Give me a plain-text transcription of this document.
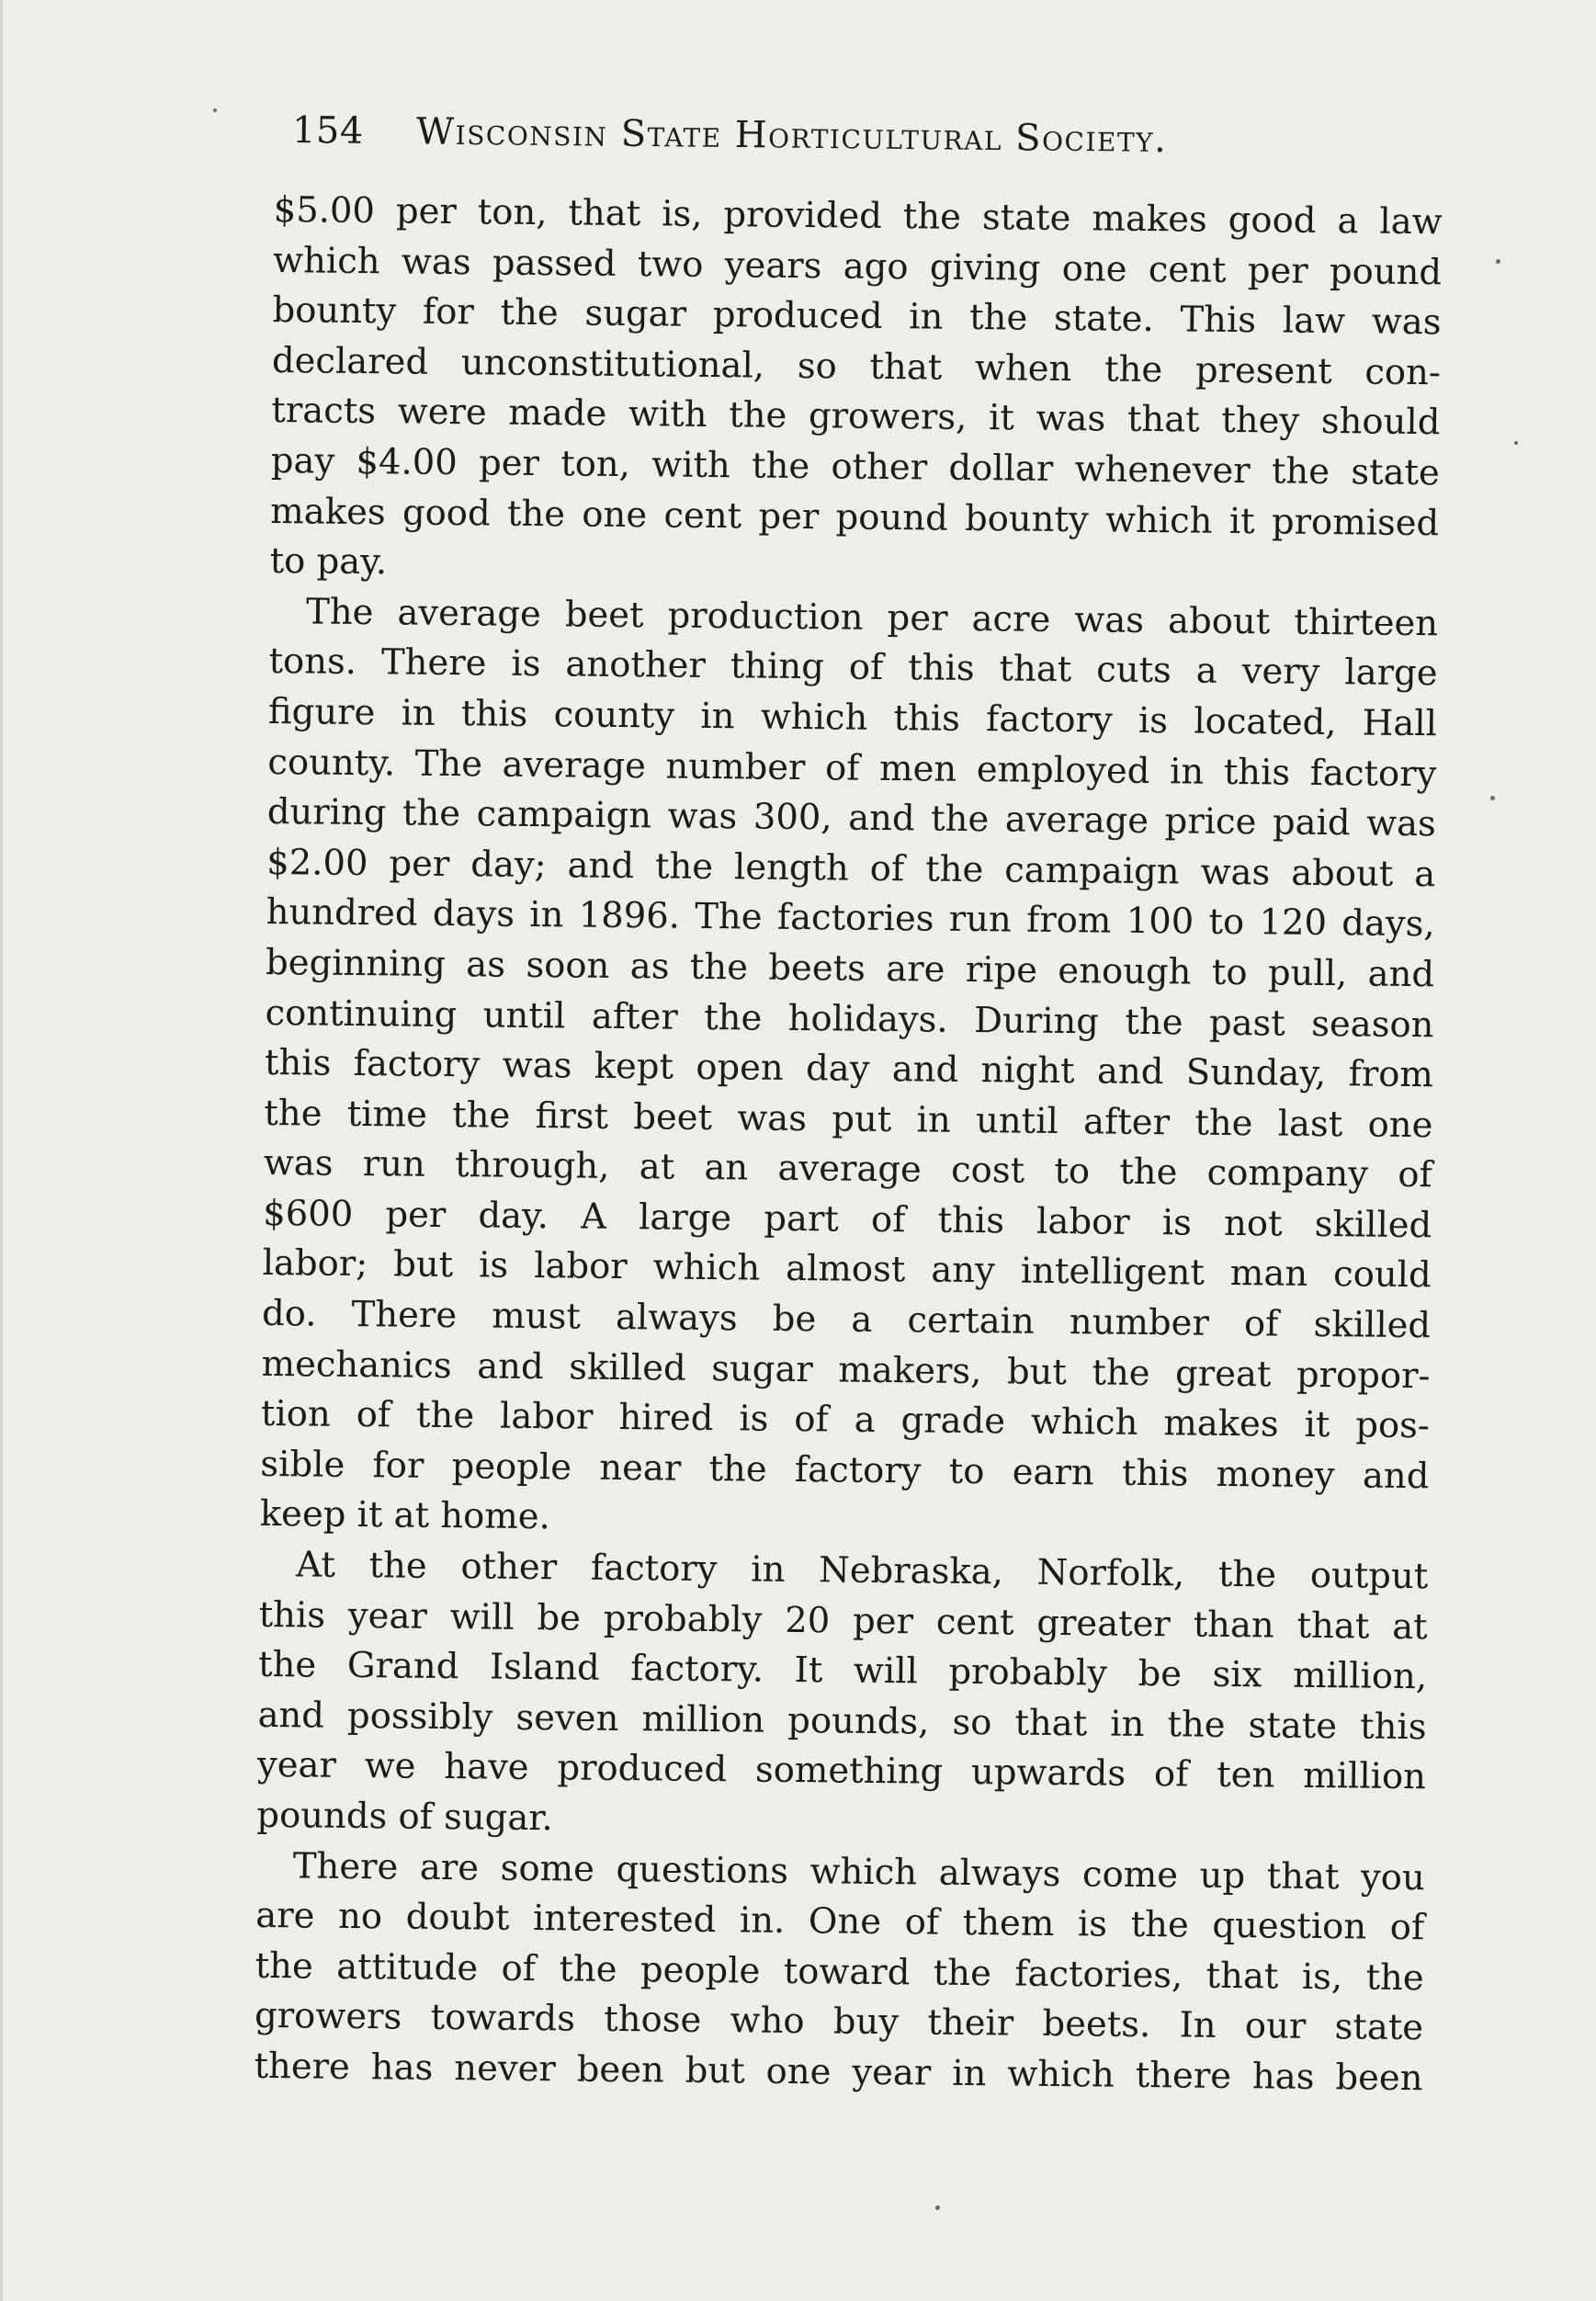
154 Wisconsin State Horticultural Society.
$5.00 per ton, that is, provided the state makes good a law
which was passed two years ago giving one cent per pound
bounty for the sugar produced in the state. This law was
declared unconstitutional, so that when the present con-
tracts were made with the growers, it was that they should
pay $4.00 per ton, with the other dollar whenever the state
makes good the one cent per pound bounty which it promised
to pay.
The average beet production per acre was about thirteen
tons. There is another thing of this that cuts a very large
figure in this county in which this factory is located, Hall
county. The average number of men employed in this factory
during the campaign was 300, and the average price paid was
$2.00 per day; and the length of the campaign was about a
hundred days in 1896. The factories run from 100 to 120 days,
beginning as soon as the beets are ripe enough to pull, and
continuing until after the holidays. During the past season
this factory was kept open day and night and Sunday, from
the time the first beet was put in until after the last one
was run through, at an average cost to the company of
$600 per day. A large part of this labor is not skilled
labor; but is labor which almost any intelligent man could
do. There must always be a certain number of skilled
mechanics and skilled sugar makers, but the great propor-
tion of the labor hired is of a grade which makes it pos-
sible for people near the factory to earn this money and
keep it at home.
At the other factory in Nebraska, Norfolk, the output
this year will be probably 20 per cent greater than that at
the Grand Island factory. It will probably be six million,
and possibly seven million pounds, so that in the state this
year we have produced something upwards of ten million
pounds of sugar.
There are some questions which always come up that you
are no doubt interested in. One of them is the question of
the attitude of the people toward the factories, that is, the
growers towards those who buy their beets. In our state
there has never been but one year in which there has been
